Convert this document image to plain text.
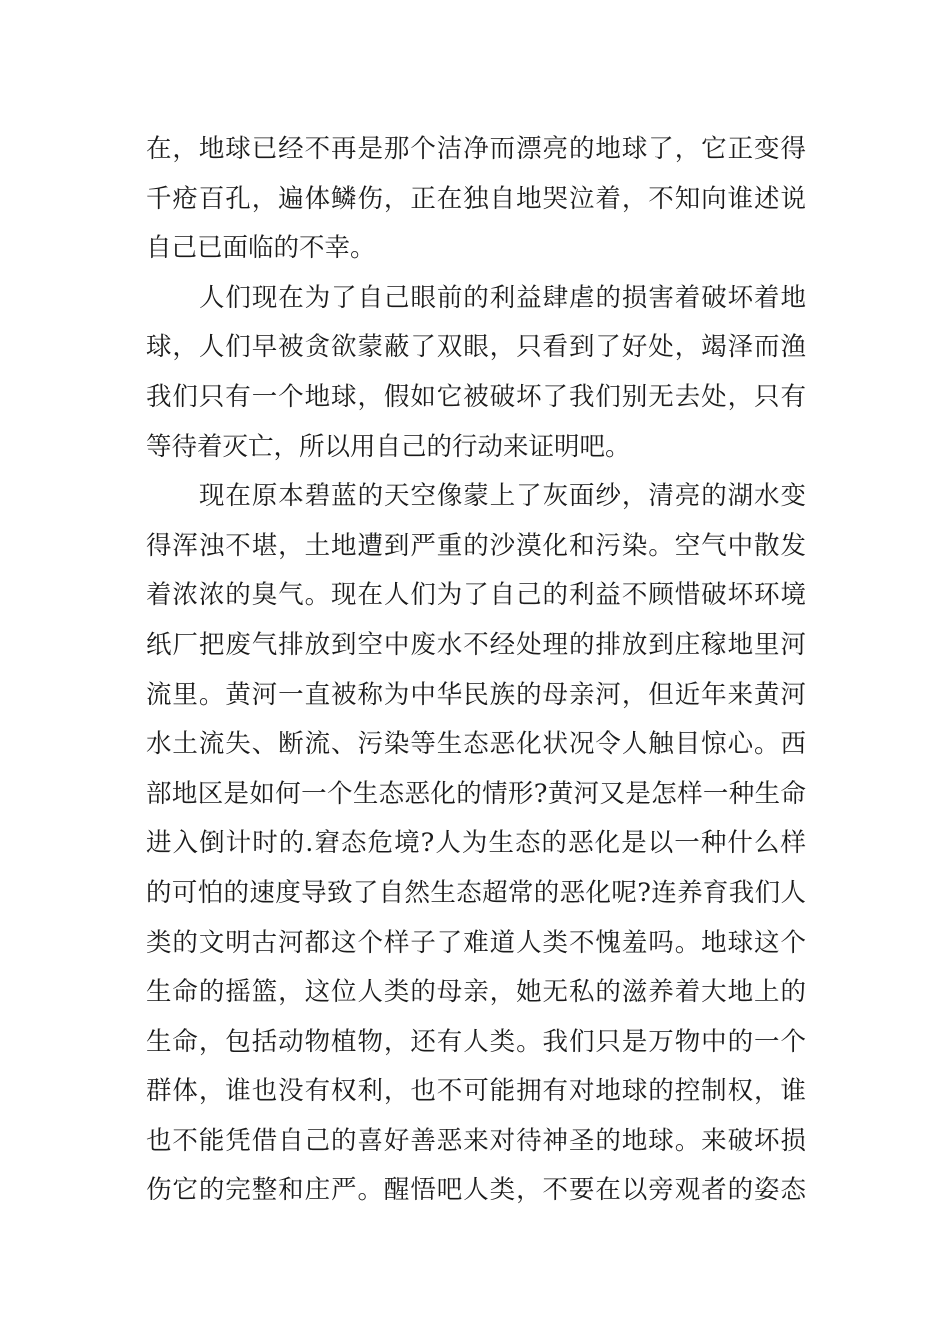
在，地球已经不再是那个洁净而漂亮的地球了，它正变得
千疮百孔，遍体鳞伤，正在独自地哭泣着，不知向谁述说
自己已面临的不幸。
人们现在为了自己眼前的利益肆虐的损害着破坏着地
球，人们早被贪欲蒙蔽了双眼，只看到了好处，竭泽而渔
我们只有一个地球，假如它被破坏了我们别无去处，只有
等待着灭亡，所以用自己的行动来证明吧。
现在原本碧蓝的天空像蒙上了灰面纱，清亮的湖水变
得浑浊不堪，土地遭到严重的沙漠化和污染。空气中散发
着浓浓的臭气。现在人们为了自己的利益不顾惜破坏环境
纸厂把废气排放到空中废水不经处理的排放到庄稼地里河
流里。黄河一直被称为中华民族的母亲河，但近年来黄河
水土流失、断流、污染等生态恶化状况令人触目惊心。西
部地区是如何一个生态恶化的情形?黄河又是怎样一种生命
进入倒计时的.窘态危境?人为生态的恶化是以一种什么样
的可怕的速度导致了自然生态超常的恶化呢?连养育我们人
类的文明古河都这个样子了难道人类不愧羞吗。地球这个
生命的摇篮，这位人类的母亲，她无私的滋养着大地上的
生命，包括动物植物，还有人类。我们只是万物中的一个
群体，谁也没有权利，也不可能拥有对地球的控制权，谁
也不能凭借自己的喜好善恶来对待神圣的地球。来破坏损
伤它的完整和庄严。醒悟吧人类，不要在以旁观者的姿态
